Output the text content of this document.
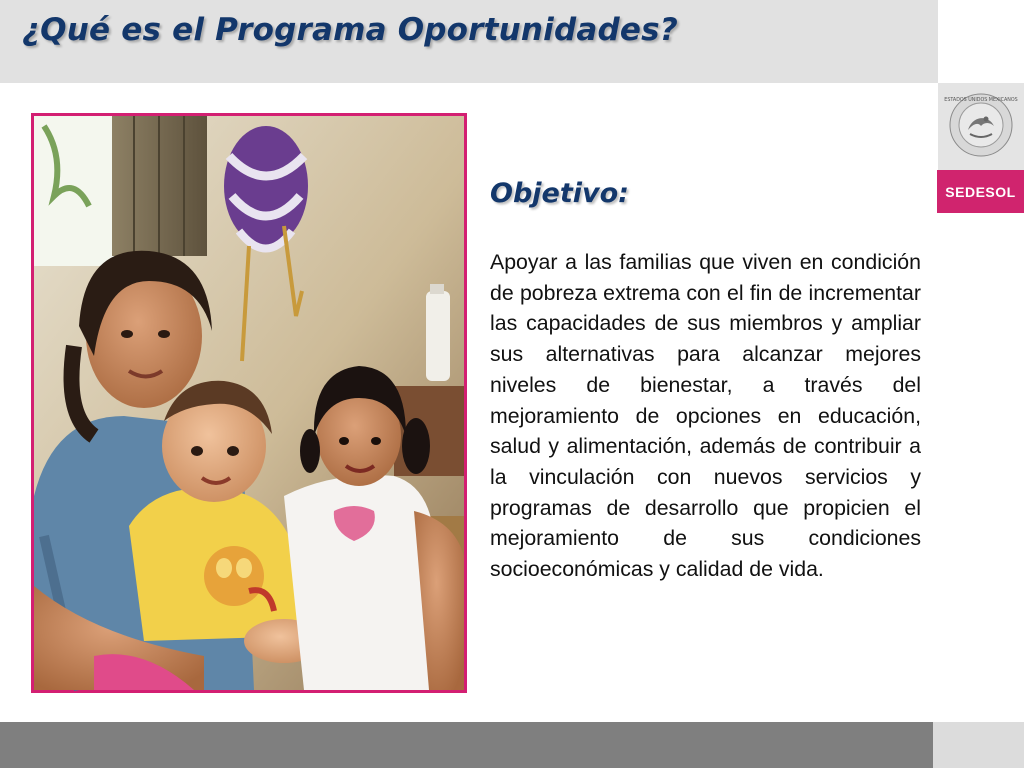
¿Qué es el Programa Oportunidades?
ESTADOS UNIDOS MEXICANOS
SEDESOL
Objetivo:

Apoyar a las familias que viven en condición de pobreza extrema con el fin de incrementar las capacidades de sus miembros y ampliar sus alternativas para alcanzar mejores niveles de bienestar, a través del mejoramiento de opciones en educación, salud y alimentación, además de contribuir a la vinculación con nuevos servicios y programas de desarrollo que propicien el mejoramiento de sus condiciones socioeconómicas y calidad de vida.
